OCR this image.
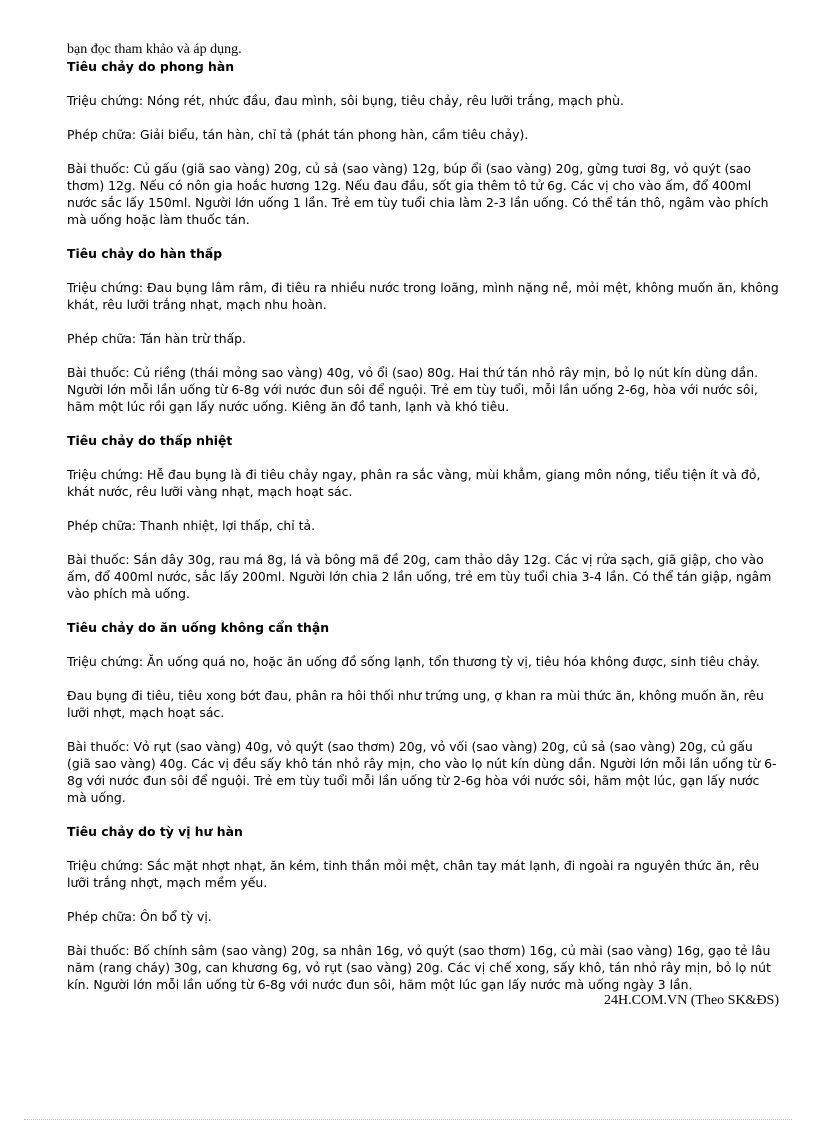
bạn đọc tham khảo và áp dụng.

Tiêu chảy do phong hàn

Triệu chứng: Nóng rét, nhức đầu, đau mình, sôi bụng, tiêu chảy, rêu lưỡi trắng, mạch phù.

Phép chữa: Giải biểu, tán hàn, chỉ tả (phát tán phong hàn, cầm tiêu chảy).

Bài thuốc: Củ gấu (giã sao vàng) 20g, củ sả (sao vàng) 12g, búp ổi (sao vàng) 20g, gừng tươi 8g, vỏ quýt (sao thơm) 12g. Nếu có nôn gia hoắc hương 12g. Nếu đau đầu, sốt gia thêm tô tử 6g. Các vị cho vào ấm, đổ 400ml nước sắc lấy 150ml. Người lớn uống 1 lần. Trẻ em tùy tuổi chia làm 2-3 lần uống. Có thể tán thô, ngâm vào phích mà uống hoặc làm thuốc tán.

Tiêu chảy do hàn thấp

Triệu chứng: Đau bụng lâm râm, đi tiêu ra nhiều nước trong loãng, mình nặng nề, mỏi mệt, không muốn ăn, không khát, rêu lưỡi trắng nhạt, mạch nhu hoàn.

Phép chữa: Tán hàn trừ thấp.

Bài thuốc: Củ riềng (thái mỏng sao vàng) 40g, vỏ ổi (sao) 80g. Hai thứ tán nhỏ rây mịn, bỏ lọ nút kín dùng dần. Người lớn mỗi lần uống từ 6-8g với nước đun sôi để nguội. Trẻ em tùy tuổi, mỗi lần uống 2-6g, hòa với nước sôi, hãm một lúc rồi gạn lấy nước uống. Kiêng ăn đồ tanh, lạnh và khó tiêu.

Tiêu chảy do thấp nhiệt

Triệu chứng: Hễ đau bụng là đi tiêu chảy ngay, phân ra sắc vàng, mùi khẳm, giang môn nóng, tiểu tiện ít và đỏ, khát nước, rêu lưỡi vàng nhạt, mạch hoạt sác.

Phép chữa: Thanh nhiệt, lợi thấp, chỉ tả.

Bài thuốc: Sắn dây 30g, rau má 8g, lá và bông mã đề 20g, cam thảo dây 12g. Các vị rửa sạch, giã giập, cho vào ấm, đổ 400ml nước, sắc lấy 200ml. Người lớn chia 2 lần uống, trẻ em tùy tuổi chia 3-4 lần. Có thể tán giập, ngâm vào phích mà uống.

Tiêu chảy do ăn uống không cẩn thận

Triệu chứng: Ăn uống quá no, hoặc ăn uống đồ sống lạnh, tổn thương tỳ vị, tiêu hóa không được, sinh tiêu chảy.

Đau bụng đi tiêu, tiêu xong bớt đau, phân ra hôi thối như trứng ung, ợ khan ra mùi thức ăn, không muốn ăn, rêu lưỡi nhợt, mạch hoạt sác.

Bài thuốc: Vỏ rụt (sao vàng) 40g, vỏ quýt (sao thơm) 20g, vỏ vối (sao vàng) 20g, củ sả (sao vàng) 20g, củ gấu (giã sao vàng) 40g. Các vị đều sấy khô tán nhỏ rây mịn, cho vào lọ nút kín dùng dần. Người lớn mỗi lần uống từ 6-8g với nước đun sôi để nguội. Trẻ em tùy tuổi mỗi lần uống từ 2-6g hòa với nước sôi, hãm một lúc, gạn lấy nước mà uống.

Tiêu chảy do tỳ vị hư hàn

Triệu chứng: Sắc mặt nhợt nhạt, ăn kém, tinh thần mỏi mệt, chân tay mát lạnh, đi ngoài ra nguyên thức ăn, rêu lưỡi trắng nhợt, mạch mềm yếu.

Phép chữa: Ôn bổ tỳ vị.

Bài thuốc: Bố chính sâm (sao vàng) 20g, sa nhân 16g, vỏ quýt (sao thơm) 16g, củ mài (sao vàng) 16g, gạo tẻ lâu năm (rang cháy) 30g, can khương 6g, vỏ rụt (sao vàng) 20g. Các vị chế xong, sấy khô, tán nhỏ rây mịn, bỏ lọ nút kín. Người lớn mỗi lần uống từ 6-8g với nước đun sôi, hãm một lúc gạn lấy nước mà uống ngày 3 lần.

24H.COM.VN (Theo SK&ĐS)
